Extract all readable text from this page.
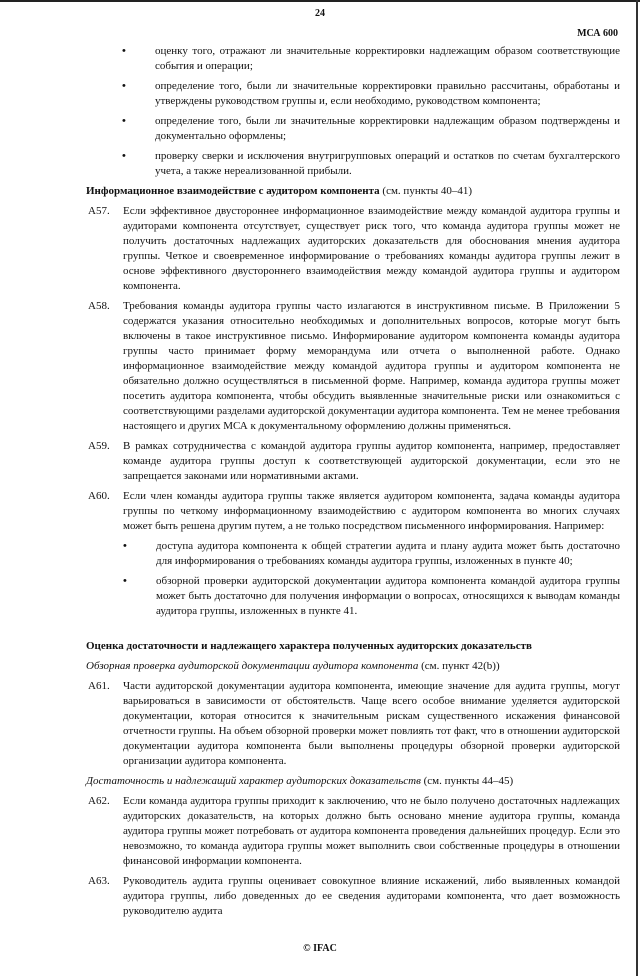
24
МСА 600
•	оценку того, отражают ли значительные корректировки надлежащим образом соответствующие события и операции;
•	определение того, были ли значительные корректировки правильно рассчитаны, обработаны и утверждены руководством группы и, если необходимо, руководством компонента;
•	определение того, были ли значительные корректировки надлежащим образом подтверждены и документально оформлены;
•	проверку сверки и исключения внутригрупповых операций и остатков по счетам бухгалтерского учета, а также нереализованной прибыли.
Информационное взаимодействие с аудитором компонента (см. пункты 40–41)
A57.	Если эффективное двустороннее информационное взаимодействие между командой аудитора группы и аудиторами компонента отсутствует, существует риск того, что команда аудитора группы может не получить достаточных надлежащих аудиторских доказательств для обоснования мнения аудитора группы. Четкое и своевременное информирование о требованиях команды аудитора группы лежит в основе эффективного двустороннего взаимодействия между командой аудитора группы и аудитором компонента.
A58.	Требования команды аудитора группы часто излагаются в инструктивном письме. В Приложении 5 содержатся указания относительно необходимых и дополнительных вопросов, которые могут быть включены в такое инструктивное письмо. Информирование аудитором компонента команды аудитора группы часто принимает форму меморандума или отчета о выполненной работе. Однако информационное взаимодействие между командой аудитора группы и аудитором компонента не обязательно должно осуществляться в письменной форме. Например, команда аудитора группы может посетить аудитора компонента, чтобы обсудить выявленные значительные риски или ознакомиться с соответствующими разделами аудиторской документации аудитора компонента. Тем не менее требования настоящего и других МСА к документальному оформлению должны применяться.
A59.	В рамках сотрудничества с командой аудитора группы аудитор компонента, например, предоставляет команде аудитора группы доступ к соответствующей аудиторской документации, если это не запрещается законами или нормативными актами.
A60.	Если член команды аудитора группы также является аудитором компонента, задача команды аудитора группы по четкому информационному взаимодействию с аудитором компонента во многих случаях может быть решена другим путем, а не только посредством письменного информирования. Например:
•	доступа аудитора компонента к общей стратегии аудита и плану аудита может быть достаточно для информирования о требованиях команды аудитора группы, изложенных в пункте 40;
•	обзорной проверки аудиторской документации аудитора компонента командой аудитора группы может быть достаточно для получения информации о вопросах, относящихся к выводам команды аудитора группы, изложенных в пункте 41.
Оценка достаточности и надлежащего характера полученных аудиторских доказательств
Обзорная проверка аудиторской документации аудитора компонента (см. пункт 42(b))
A61.	Части аудиторской документации аудитора компонента, имеющие значение для аудита группы, могут варьироваться в зависимости от обстоятельств. Чаще всего особое внимание уделяется аудиторской документации, которая относится к значительным рискам существенного искажения финансовой отчетности группы. На объем обзорной проверки может повлиять тот факт, что в отношении аудиторской документации аудитора компонента были выполнены процедуры обзорной проверки аудиторской организации аудитора компонента.
Достаточность и надлежащий характер аудиторских доказательств (см. пункты 44–45)
A62.	Если команда аудитора группы приходит к заключению, что не было получено достаточных надлежащих аудиторских доказательств, на которых должно быть основано мнение аудитора группы, команда аудитора группы может потребовать от аудитора компонента проведения дальнейших процедур. Если это невозможно, то команда аудитора группы может выполнить свои собственные процедуры в отношении финансовой информации компонента.
A63.	Руководитель аудита группы оценивает совокупное влияние искажений, либо выявленных командой аудитора группы, либо доведенных до ее сведения аудиторами компонента, что дает возможность руководителю аудита
© IFAC
